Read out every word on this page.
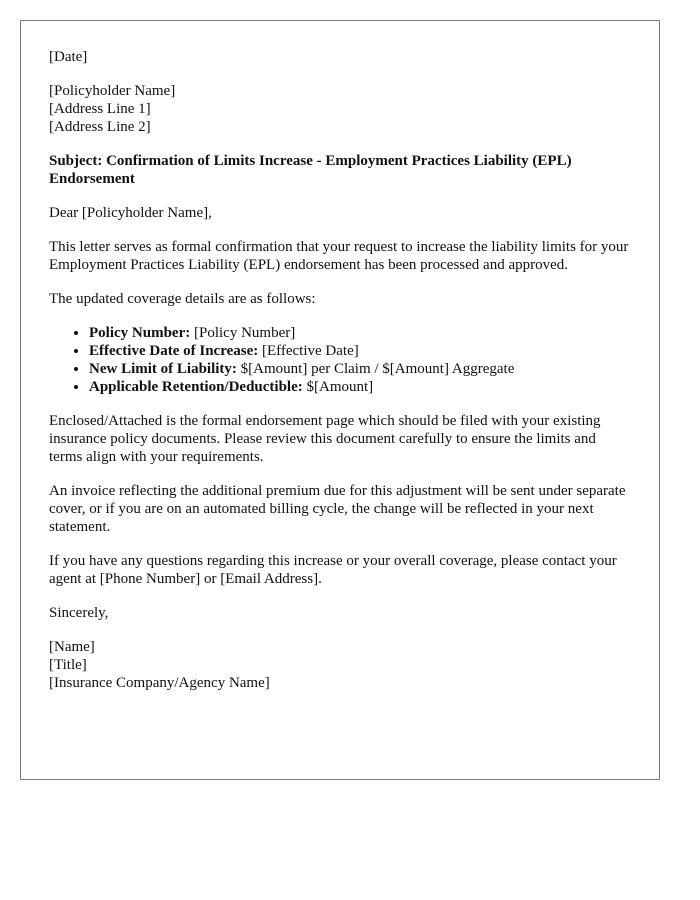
[Date]
[Policyholder Name]
[Address Line 1]
[Address Line 2]
Subject: Confirmation of Limits Increase - Employment Practices Liability (EPL) Endorsement

Dear [Policyholder Name],

This letter serves as formal confirmation that your request to increase the liability limits for your Employment Practices Liability (EPL) endorsement has been processed and approved.

The updated coverage details are as follows:

• Policy Number: [Policy Number]
• Effective Date of Increase: [Effective Date]
• New Limit of Liability: $[Amount] per Claim / $[Amount] Aggregate
• Applicable Retention/Deductible: $[Amount]

Enclosed/Attached is the formal endorsement page which should be filed with your existing insurance policy documents. Please review this document carefully to ensure the limits and terms align with your requirements.

An invoice reflecting the additional premium due for this adjustment will be sent under separate cover, or if you are on an automated billing cycle, the change will be reflected in your next statement.

If you have any questions regarding this increase or your overall coverage, please contact your agent at [Phone Number] or [Email Address].

Sincerely,

[Name]
[Title]
[Insurance Company/Agency Name]
